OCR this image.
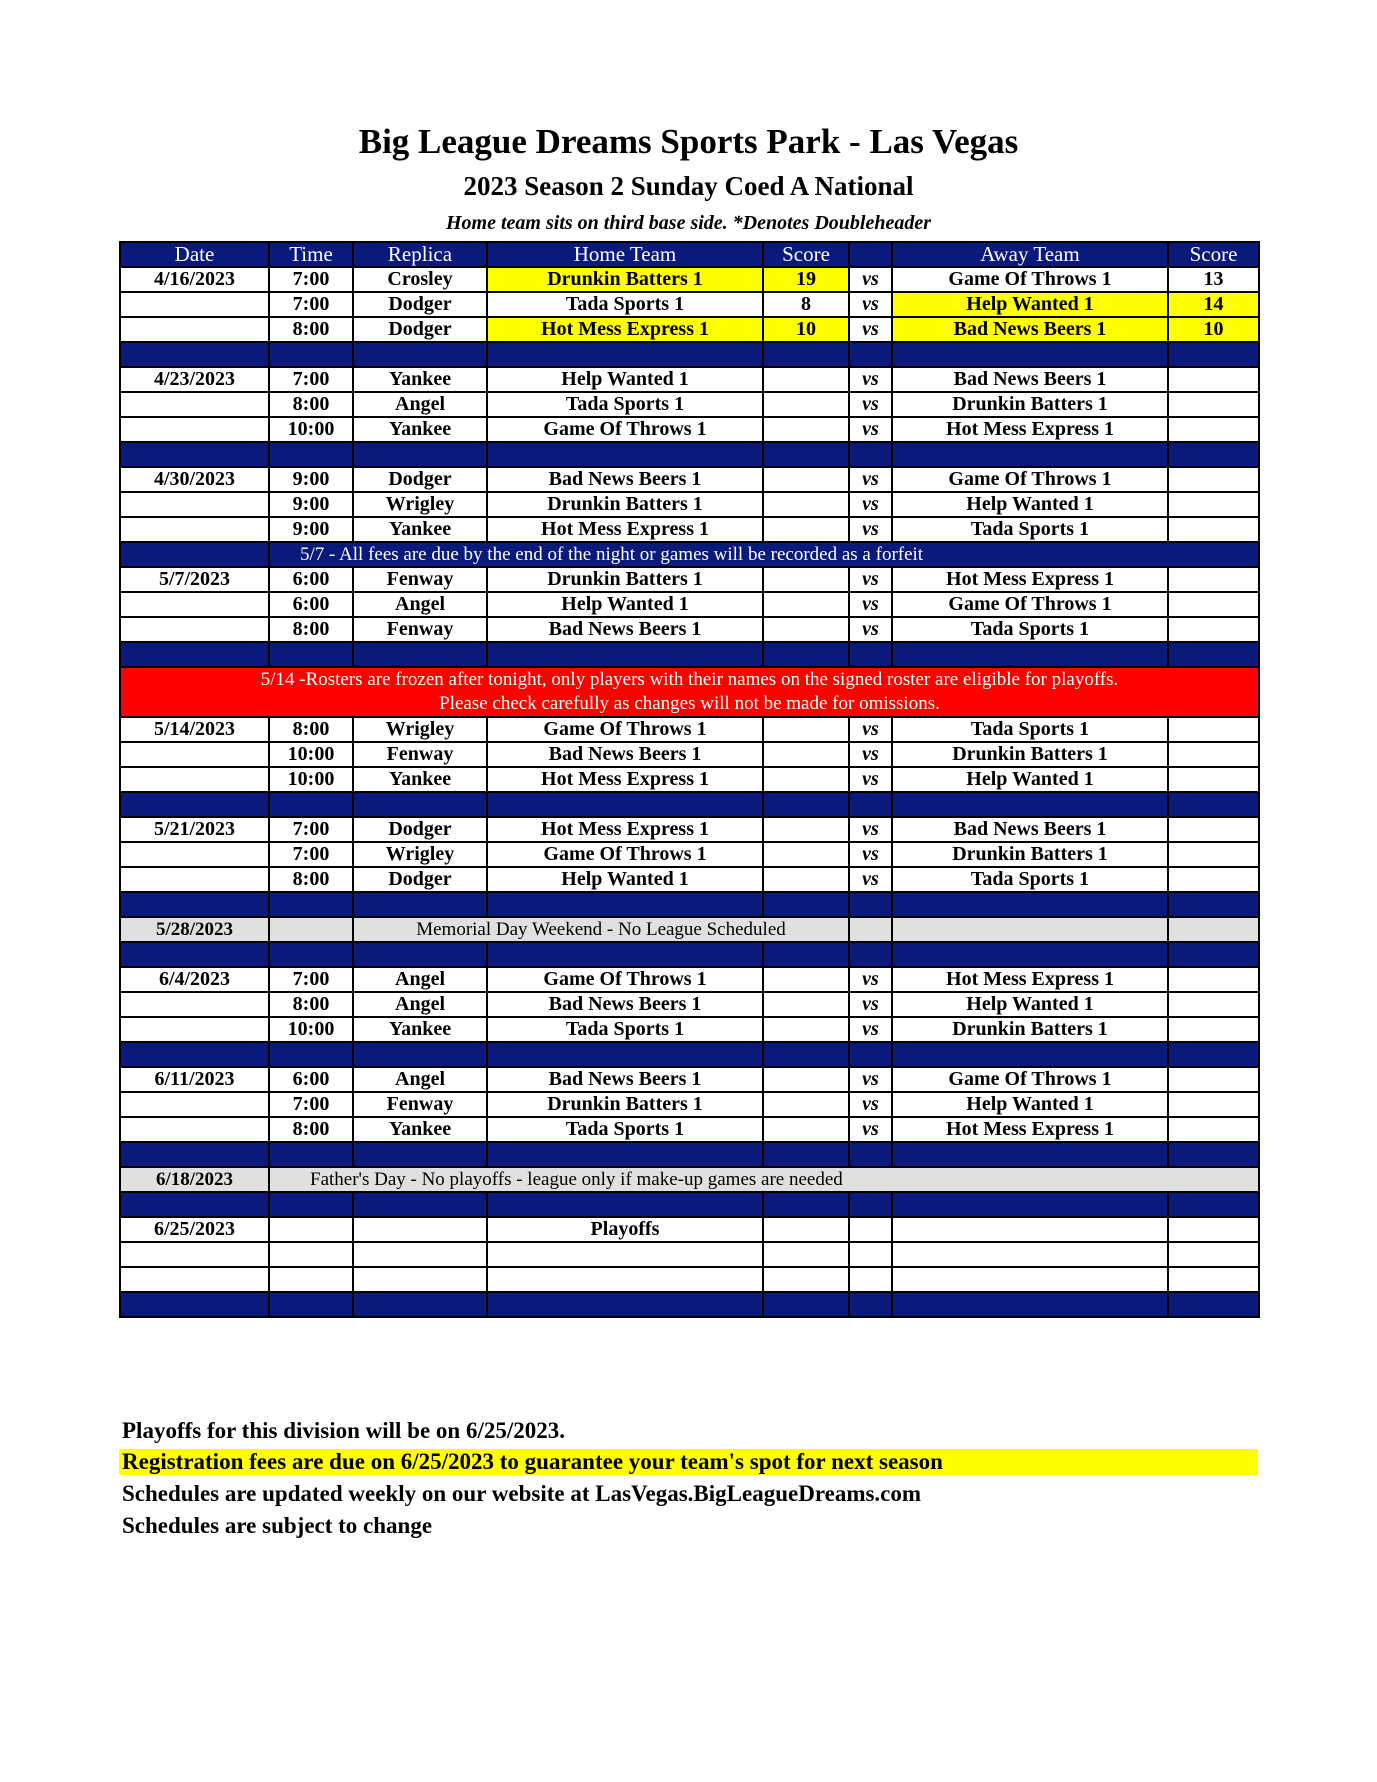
Big League Dreams Sports Park - Las Vegas
2023 Season 2 Sunday Coed A National
Home team sits on third base side. *Denotes Doubleheader
Date	Time	Replica	Home Team	Score		Away Team	Score
4/16/2023	7:00	Crosley	Drunkin Batters 1	19	vs	Game Of Throws 1	13
	7:00	Dodger	Tada Sports 1	8	vs	Help Wanted 1	14
	8:00	Dodger	Hot Mess Express 1	10	vs	Bad News Beers 1	10

4/23/2023	7:00	Yankee	Help Wanted 1		vs	Bad News Beers 1	
	8:00	Angel	Tada Sports 1		vs	Drunkin Batters 1	
	10:00	Yankee	Game Of Throws 1		vs	Hot Mess Express 1	

4/30/2023	9:00	Dodger	Bad News Beers 1		vs	Game Of Throws 1	
	9:00	Wrigley	Drunkin Batters 1		vs	Help Wanted 1	
	9:00	Yankee	Hot Mess Express 1		vs	Tada Sports 1	
	5/7 - All fees are due by the end of the night or games will be recorded as a forfeit						
5/7/2023	6:00	Fenway	Drunkin Batters 1		vs	Hot Mess Express 1	
	6:00	Angel	Help Wanted 1		vs	Game Of Throws 1	
	8:00	Fenway	Bad News Beers 1		vs	Tada Sports 1	

5/14 -Rosters are frozen after tonight, only players with their names on the signed roster are eligible for playoffs.
Please check carefully as changes will not be made for omissions.							

5/14/2023	8:00	Wrigley	Game Of Throws 1		vs	Tada Sports 1	
	10:00	Fenway	Bad News Beers 1		vs	Drunkin Batters 1	
	10:00	Yankee	Hot Mess Express 1		vs	Help Wanted 1	

5/21/2023	7:00	Dodger	Hot Mess Express 1		vs	Bad News Beers 1	
	7:00	Wrigley	Game Of Throws 1		vs	Drunkin Batters 1	
	8:00	Dodger	Help Wanted 1		vs	Tada Sports 1	

5/28/2023		Memorial Day Weekend - No League Scheduled					

6/4/2023	7:00	Angel	Game Of Throws 1		vs	Hot Mess Express 1	
	8:00	Angel	Bad News Beers 1		vs	Help Wanted 1	
	10:00	Yankee	Tada Sports 1		vs	Drunkin Batters 1	

6/11/2023	6:00	Angel	Bad News Beers 1		vs	Game Of Throws 1	
	7:00	Fenway	Drunkin Batters 1		vs	Help Wanted 1	
	8:00	Yankee	Tada Sports 1		vs	Hot Mess Express 1	

6/18/2023	Father's Day - No playoffs - league only if make-up games are needed						

6/25/2023			Playoffs				

Playoffs for this division will be on 6/25/2023.
Registration fees are due on 6/25/2023 to guarantee your team's spot for next season
Schedules are updated weekly on our website at LasVegas.BigLeagueDreams.com
Schedules are subject to change
